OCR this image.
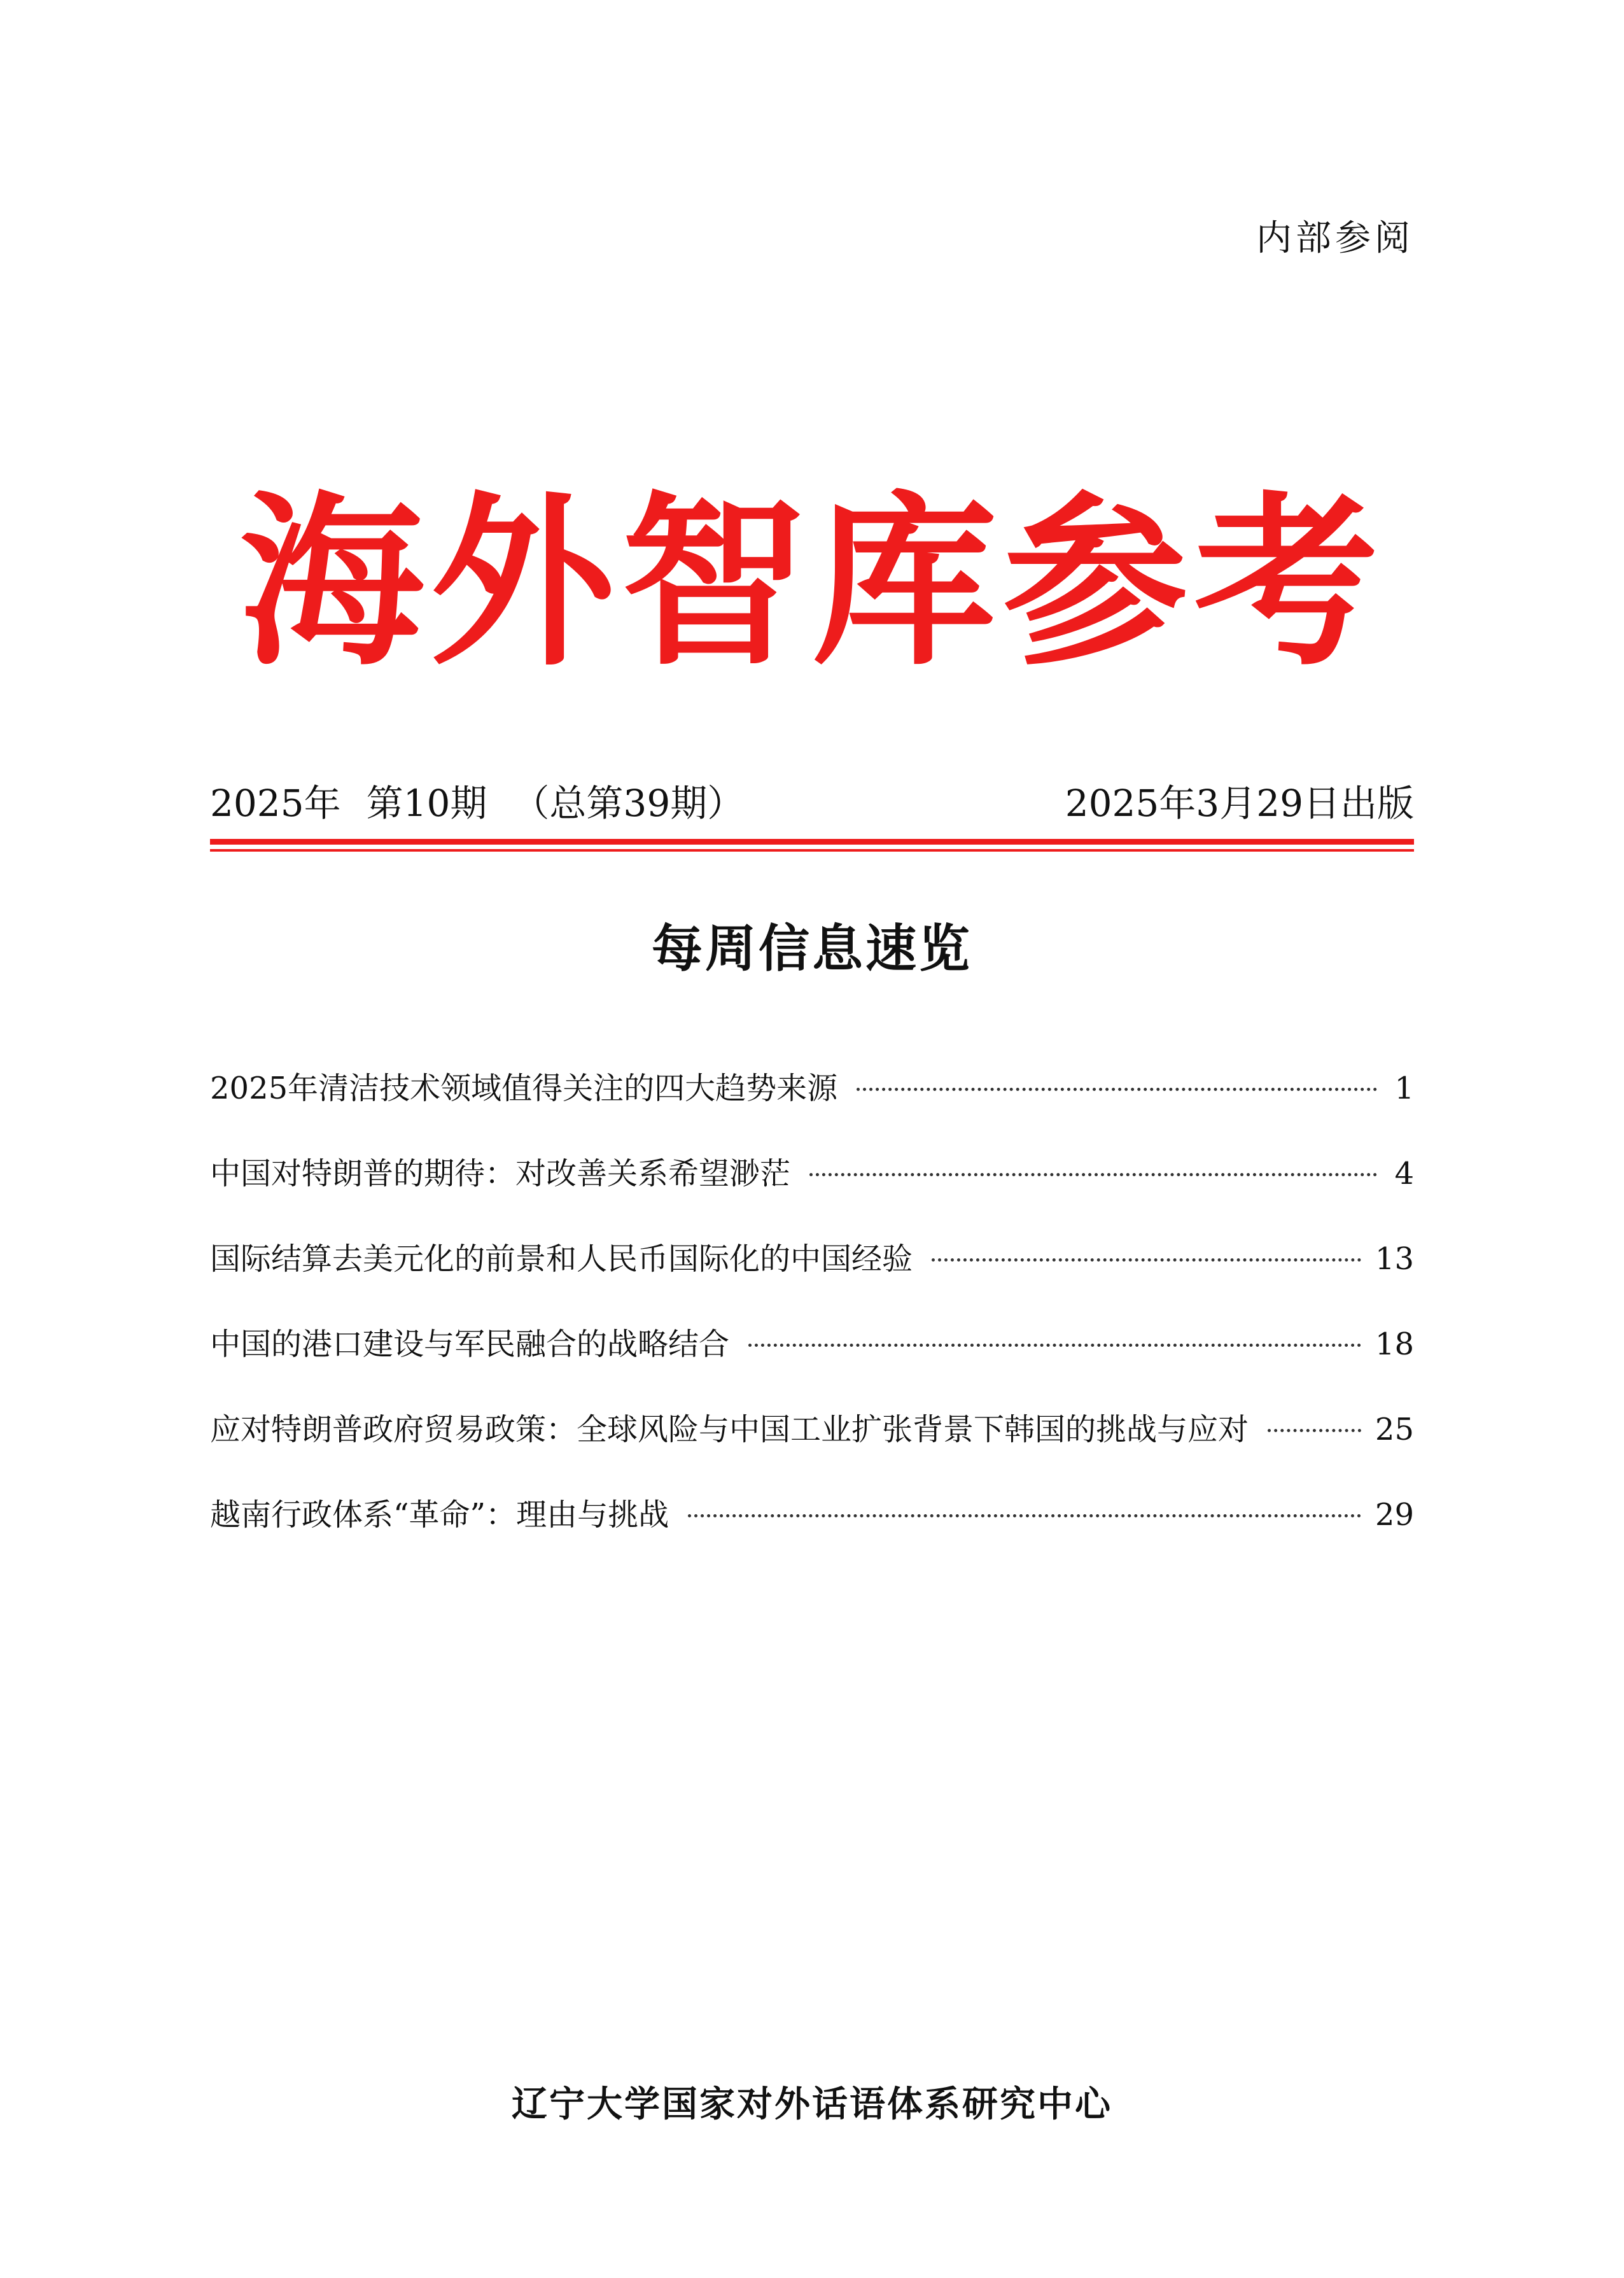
内部参阅
海外智库参考
2025年 第10期 （总第39期）	2025年3月29日出版
每周信息速览
2025年清洁技术领域值得关注的四大趋势来源	1
中国对特朗普的期待：对改善关系希望渺茫	4
国际结算去美元化的前景和人民币国际化的中国经验	13
中国的港口建设与军民融合的战略结合	18
应对特朗普政府贸易政策：全球风险与中国工业扩张背景下韩国的挑战与应对	25
越南行政体系“革命”：理由与挑战	29
辽宁大学国家对外话语体系研究中心
